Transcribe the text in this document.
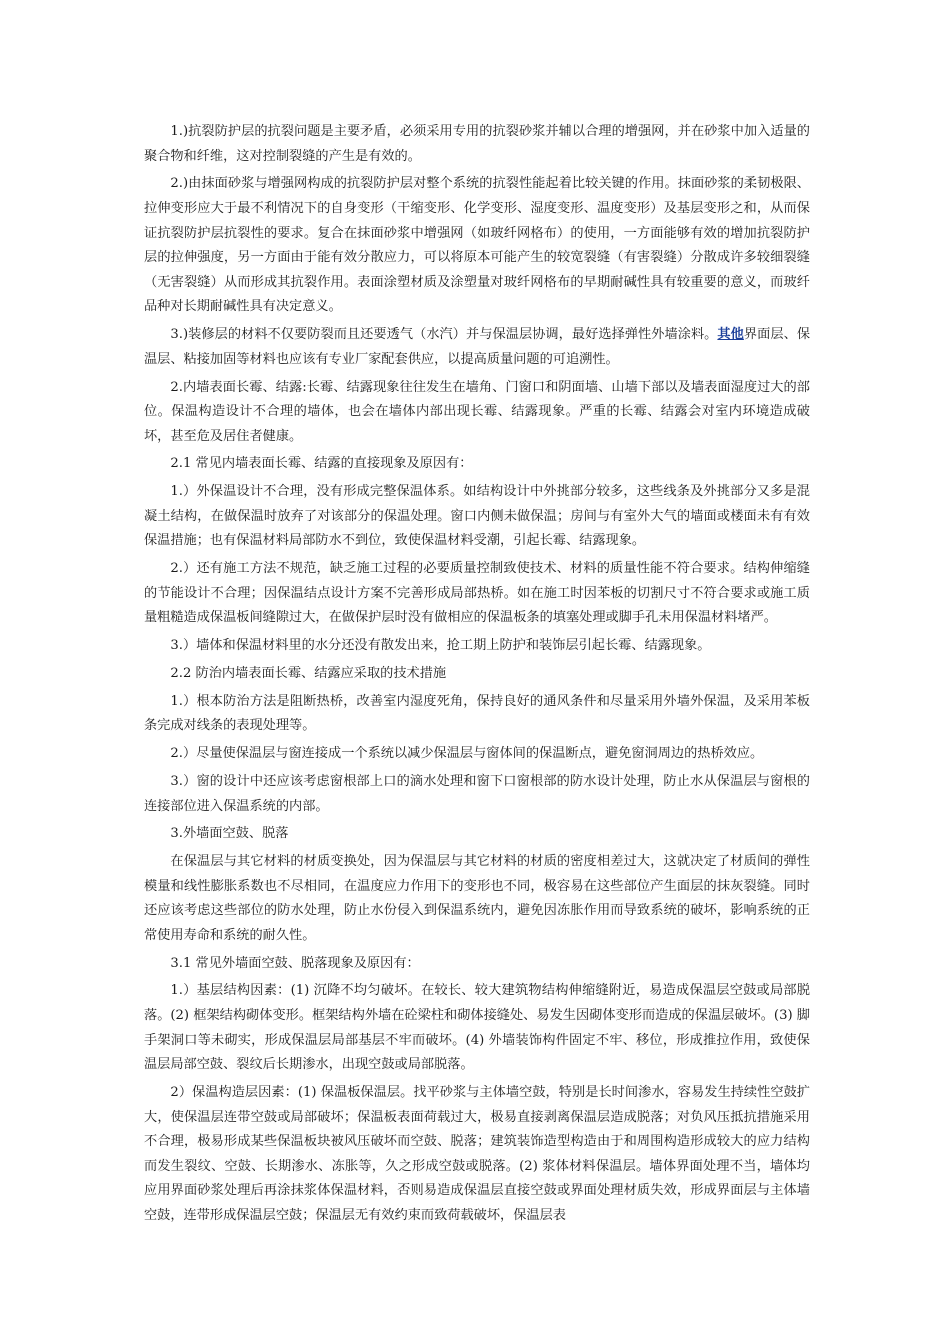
1.)抗裂防护层的抗裂问题是主要矛盾，必须采用专用的抗裂砂浆并辅以合理的增强网，并在砂浆中加入适量的聚合物和纤维，这对控制裂缝的产生是有效的。

2.)由抹面砂浆与增强网构成的抗裂防护层对整个系统的抗裂性能起着比较关键的作用。抹面砂浆的柔韧极限、拉伸变形应大于最不利情况下的自身变形（干缩变形、化学变形、湿度变形、温度变形）及基层变形之和，从而保证抗裂防护层抗裂性的要求。复合在抹面砂浆中增强网（如玻纤网格布）的使用，一方面能够有效的增加抗裂防护层的拉伸强度，另一方面由于能有效分散应力，可以将原本可能产生的较宽裂缝（有害裂缝）分散成许多较细裂缝（无害裂缝）从而形成其抗裂作用。表面涂塑材质及涂塑量对玻纤网格布的早期耐碱性具有较重要的意义，而玻纤品种对长期耐碱性具有决定意义。

3.)装修层的材料不仅要防裂而且还要透气（水汽）并与保温层协调，最好选择弹性外墙涂料。其他界面层、保温层、粘接加固等材料也应该有专业厂家配套供应，以提高质量问题的可追溯性。

2.内墙表面长霉、结露:长霉、结露现象往往发生在墙角、门窗口和阴面墙、山墙下部以及墙表面湿度过大的部位。保温构造设计不合理的墙体，也会在墙体内部出现长霉、结露现象。严重的长霉、结露会对室内环境造成破坏，甚至危及居住者健康。

2.1 常见内墙表面长霉、结露的直接现象及原因有：

1.）外保温设计不合理，没有形成完整保温体系。如结构设计中外挑部分较多，这些线条及外挑部分又多是混凝土结构，在做保温时放弃了对该部分的保温处理。窗口内侧未做保温；房间与有室外大气的墙面或楼面未有有效保温措施；也有保温材料局部防水不到位，致使保温材料受潮，引起长霉、结露现象。

2.）还有施工方法不规范，缺乏施工过程的必要质量控制致使技术、材料的质量性能不符合要求。结构伸缩缝的节能设计不合理；因保温结点设计方案不完善形成局部热桥。如在施工时因苯板的切割尺寸不符合要求或施工质量粗糙造成保温板间缝隙过大，在做保护层时没有做相应的保温板条的填塞处理或脚手孔未用保温材料堵严。

3.）墙体和保温材料里的水分还没有散发出来，抢工期上防护和装饰层引起长霉、结露现象。

2.2 防治内墙表面长霉、结露应采取的技术措施

1.）根本防治方法是阻断热桥，改善室内湿度死角，保持良好的通风条件和尽量采用外墙外保温，及采用苯板条完成对线条的表现处理等。

2.）尽量使保温层与窗连接成一个系统以减少保温层与窗体间的保温断点，避免窗洞周边的热桥效应。

3.）窗的设计中还应该考虑窗根部上口的滴水处理和窗下口窗根部的防水设计处理，防止水从保温层与窗根的连接部位进入保温系统的内部。

3.外墙面空鼓、脱落

在保温层与其它材料的材质变换处，因为保温层与其它材料的材质的密度相差过大，这就决定了材质间的弹性模量和线性膨胀系数也不尽相同，在温度应力作用下的变形也不同，极容易在这些部位产生面层的抹灰裂缝。同时还应该考虑这些部位的防水处理，防止水份侵入到保温系统内，避免因冻胀作用而导致系统的破坏，影响系统的正常使用寿命和系统的耐久性。

3.1 常见外墙面空鼓、脱落现象及原因有：

1.）基层结构因素：(1) 沉降不均匀破坏。在较长、较大建筑物结构伸缩缝附近，易造成保温层空鼓或局部脱落。(2) 框架结构砌体变形。框架结构外墙在砼梁柱和砌体接缝处、易发生因砌体变形而造成的保温层破坏。(3) 脚手架洞口等未砌实，形成保温层局部基层不牢而破坏。(4) 外墙装饰构件固定不牢、移位，形成推拉作用，致使保温层局部空鼓、裂纹后长期渗水，出现空鼓或局部脱落。

2）保温构造层因素：(1) 保温板保温层。找平砂浆与主体墙空鼓，特别是长时间渗水，容易发生持续性空鼓扩大，使保温层连带空鼓或局部破坏；保温板表面荷载过大，极易直接剥离保温层造成脱落；对负风压抵抗措施采用不合理，极易形成某些保温板块被风压破坏而空鼓、脱落；建筑装饰造型构造由于和周围构造形成较大的应力结构而发生裂纹、空鼓、长期渗水、冻胀等，久之形成空鼓或脱落。(2) 浆体材料保温层。墙体界面处理不当，墙体均应用界面砂浆处理后再涂抹浆体保温材料，否则易造成保温层直接空鼓或界面处理材质失效，形成界面层与主体墙空鼓，连带形成保温层空鼓；保温层无有效约束而致荷载破坏，保温层表
